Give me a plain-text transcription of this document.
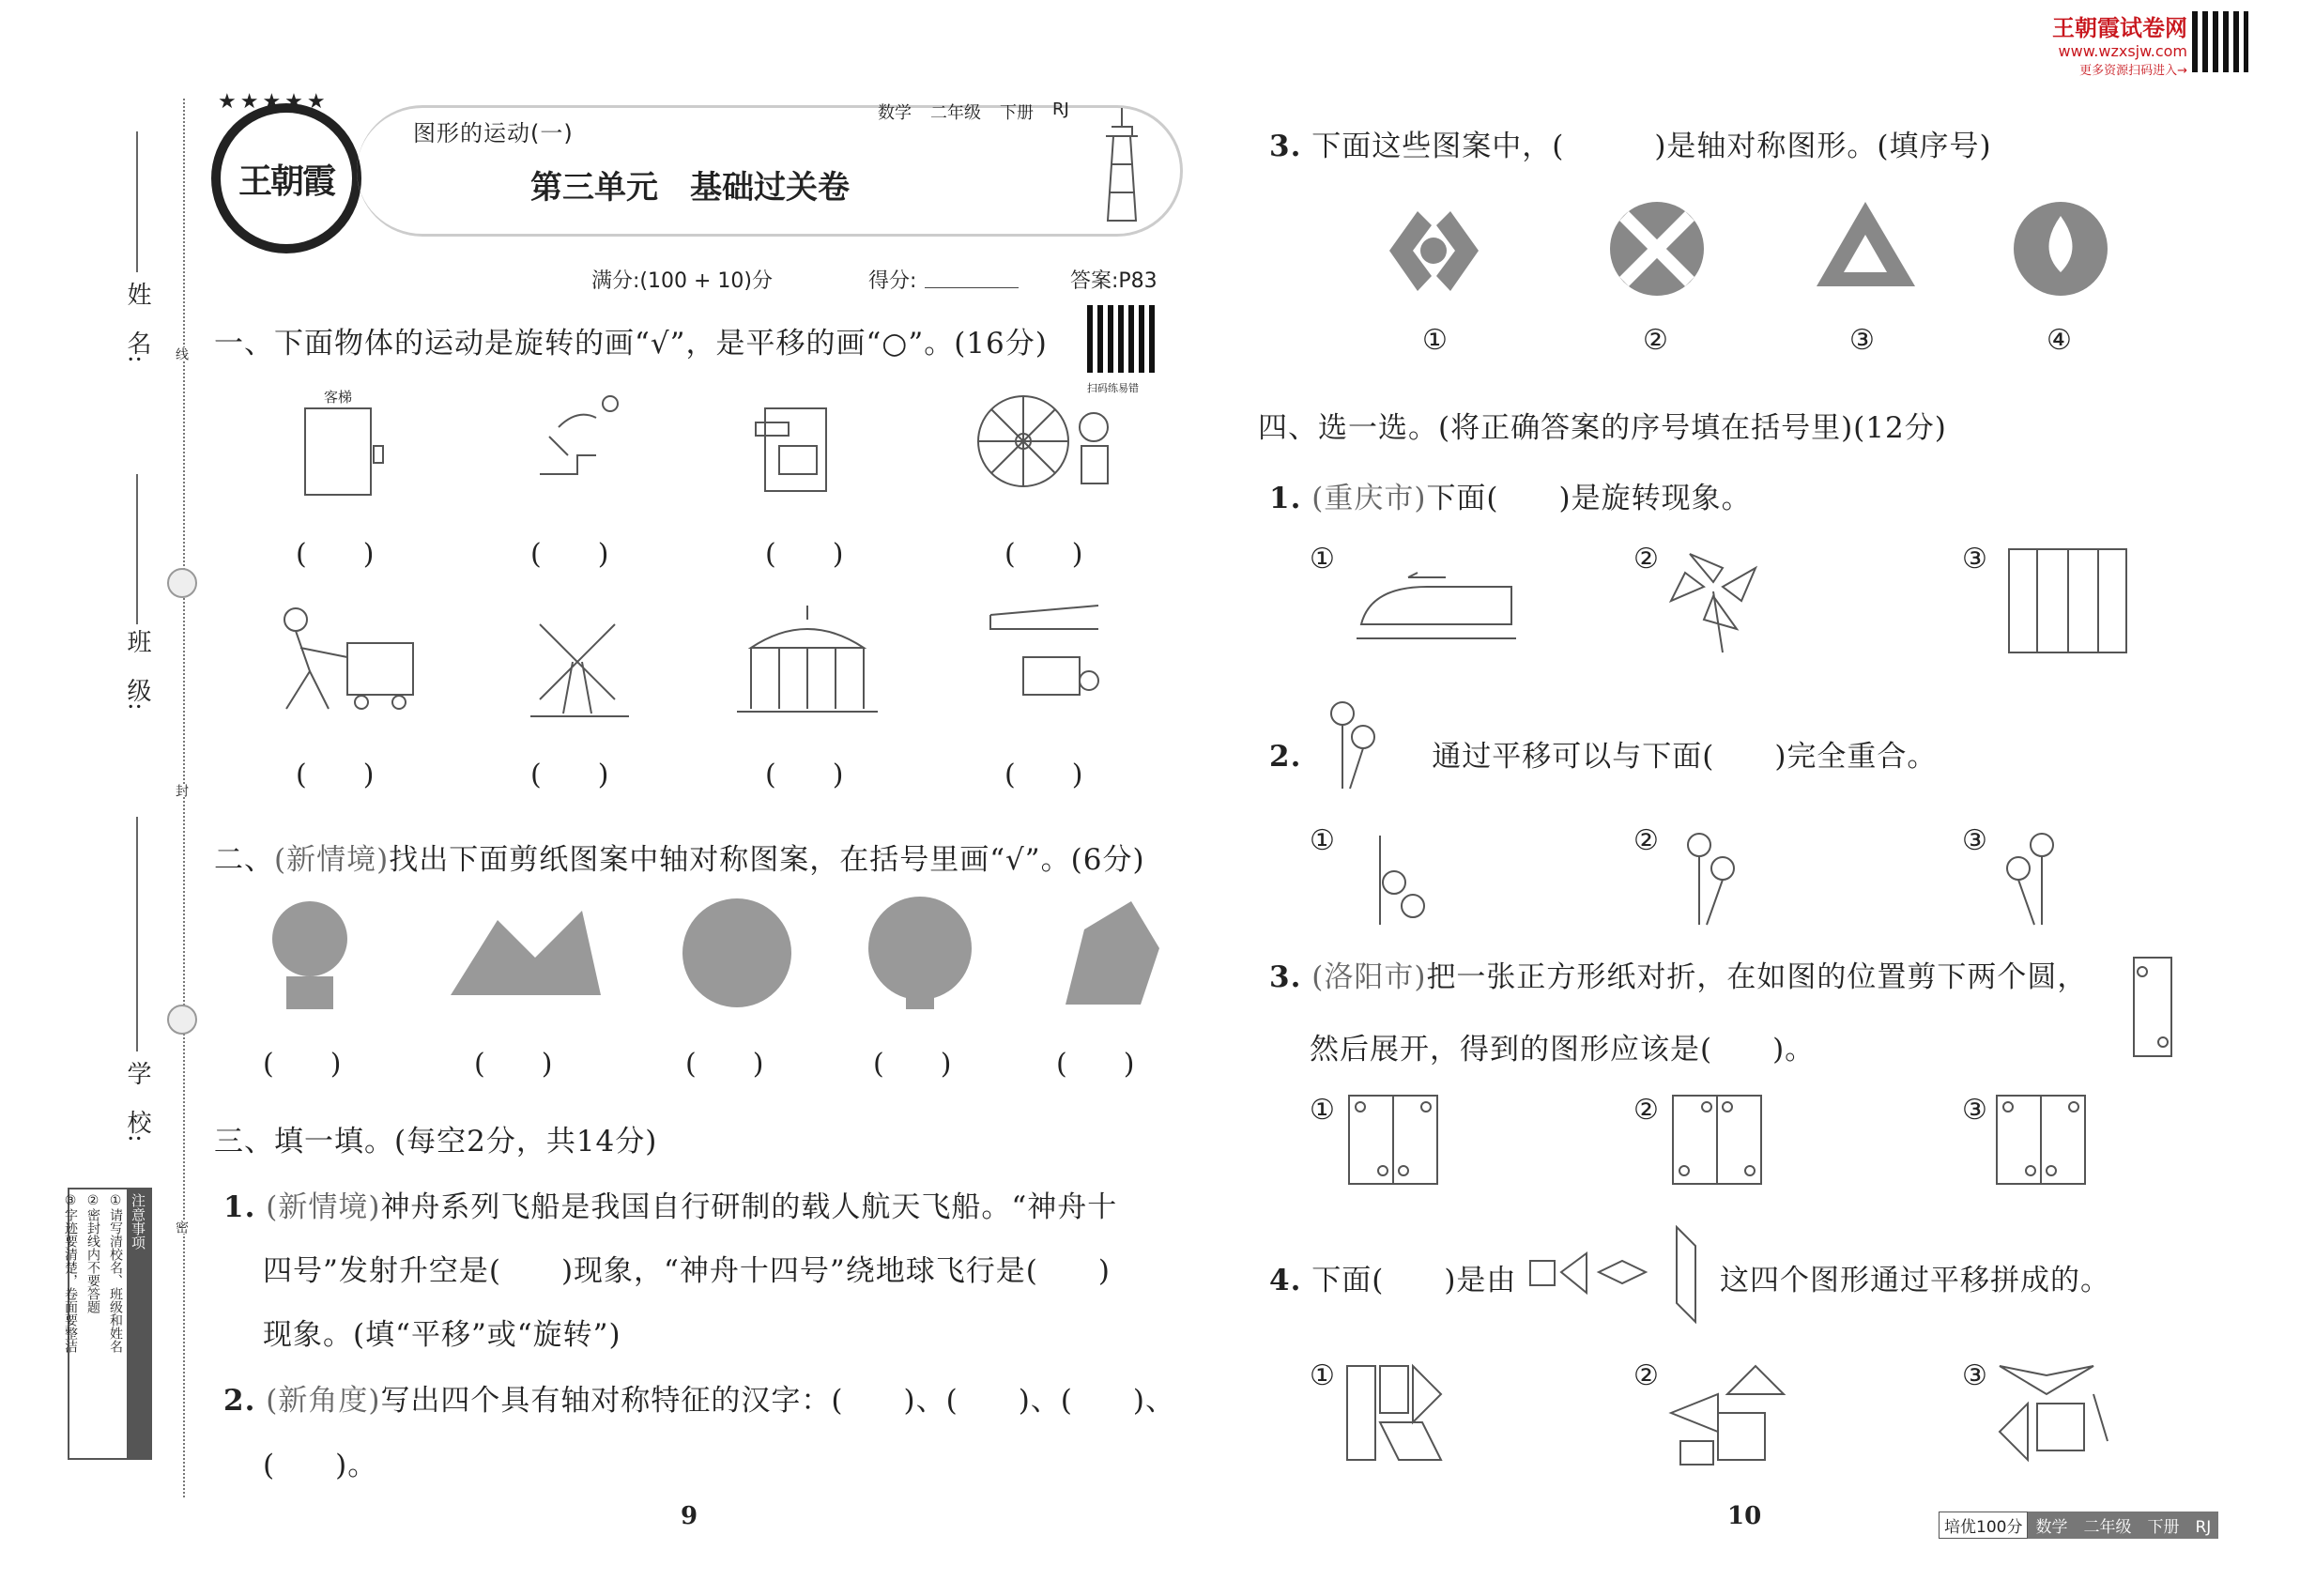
王朝霞试卷网
www.wzxsjw.com
更多资源扫码进入→
姓　名:
班　级:
学　校:
线
封
密
注意事项
①请写清校名、班级和姓名
②密封线内不要答题
③字迹要清楚，卷面要整洁
王朝霞
★★★★★
图形的运动(一)
数学 二年级 下册 RJ
第三单元　基础过关卷
满分:(100 + 10)分	得分:	答案:P83
扫码练易错
一、下面物体的运动是旋转的画“√”，是平移的画“○”。(16分)
客梯
(　　)	(　　)	(　　)	(　　)
(　　)	(　　)	(　　)	(　　)
二、(新情境)找出下面剪纸图案中轴对称图案，在括号里画“√”。(6分)
(　　)	(　　)	(　　)	(　　)	(　　)
三、填一填。(每空2分，共14分)
1. (新情境)神舟系列飞船是我国自行研制的载人航天飞船。“神舟十
四号”发射升空是(　　)现象，“神舟十四号”绕地球飞行是(　　)
现象。(填“平移”或“旋转”)
2. (新角度)写出四个具有轴对称特征的汉字：(　　)、(　　)、(　　)、
(　　)。
9
3. 下面这些图案中，(　　　)是轴对称图形。(填序号)
①	②	③	④
四、选一选。(将正确答案的序号填在括号里)(12分)
1. (重庆市)下面(　　)是旋转现象。
①	②	③
2.　　　　	通过平移可以与下面(　　)完全重合。
①	②	③
3. (洛阳市)把一张正方形纸对折，在如图的位置剪下两个圆，
然后展开，得到的图形应该是(　　)。
①	②	③
4. 下面(　　)是由	这四个图形通过平移拼成的。
①	②	③
10	培优100分 数学　二年级　下册　RJ
